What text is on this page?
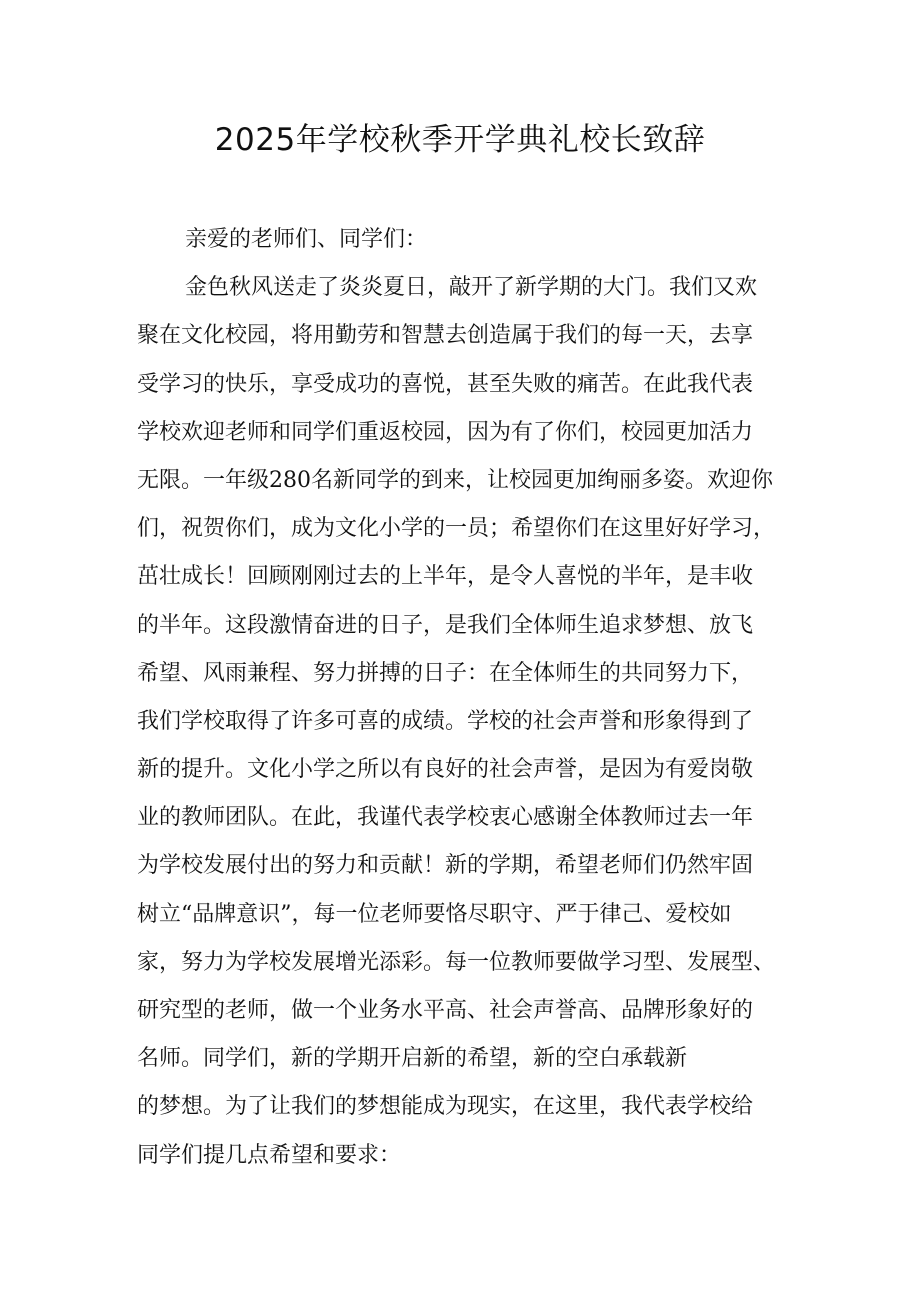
2025年学校秋季开学典礼校长致辞
亲爱的老师们、同学们：
金色秋风送走了炎炎夏日，敲开了新学期的大门。我们又欢
聚在文化校园，将用勤劳和智慧去创造属于我们的每一天，去享
受学习的快乐，享受成功的喜悦，甚至失败的痛苦。在此我代表
学校欢迎老师和同学们重返校园，因为有了你们，校园更加活力
无限。一年级280名新同学的到来，让校园更加绚丽多姿。欢迎你
们，祝贺你们，成为文化小学的一员；希望你们在这里好好学习，
茁壮成长！回顾刚刚过去的上半年，是令人喜悦的半年，是丰收
的半年。这段激情奋进的日子，是我们全体师生追求梦想、放飞
希望、风雨兼程、努力拼搏的日子：在全体师生的共同努力下，
我们学校取得了许多可喜的成绩。学校的社会声誉和形象得到了
新的提升。文化小学之所以有良好的社会声誉，是因为有爱岗敬
业的教师团队。在此，我谨代表学校衷心感谢全体教师过去一年
为学校发展付出的努力和贡献！新的学期，希望老师们仍然牢固
树立“品牌意识”，每一位老师要恪尽职守、严于律己、爱校如
家，努力为学校发展增光添彩。每一位教师要做学习型、发展型、
研究型的老师，做一个业务水平高、社会声誉高、品牌形象好的
名师。同学们，新的学期开启新的希望，新的空白承载新
的梦想。为了让我们的梦想能成为现实，在这里，我代表学校给
同学们提几点希望和要求：
